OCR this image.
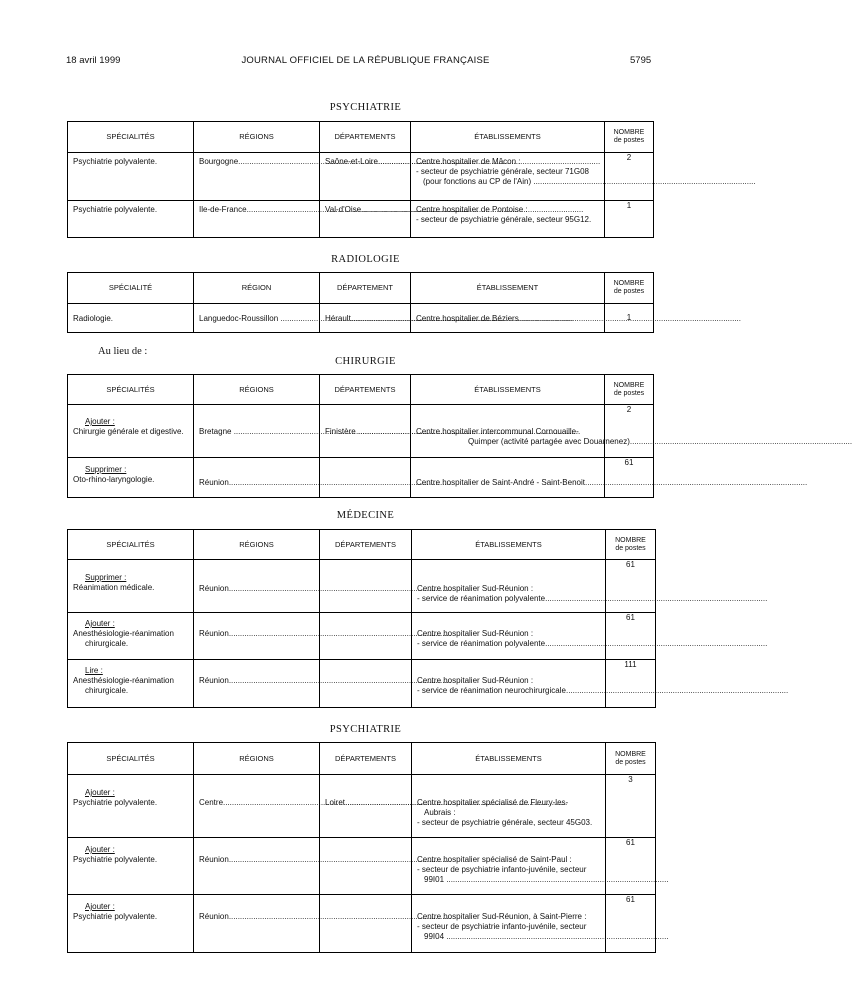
18 avril 1999	JOURNAL OFFICIEL DE LA RÉPUBLIQUE FRANÇAISE	5795
PSYCHIATRIE
SPÉCIALITÉS	RÉGIONS	DÉPARTEMENTS	ÉTABLISSEMENTS	NOMBRE
de postes

Psychiatrie polyvalente.	Bourgogne .....	Saône-et-Loire .....	Centre hospitalier de Mâcon :
- secteur de psychiatrie générale, secteur 71G08
(pour fonctions au CP de l'Ain) .....	2

Psychiatrie polyvalente.	Ile-de-France .....	Val-d'Oise .....	Centre hospitalier de Pontoise :
- secteur de psychiatrie générale, secteur 95G12.	1
RADIOLOGIE
SPÉCIALITÉ	RÉGION	DÉPARTEMENT	ÉTABLISSEMENT	NOMBRE
de postes

Radiologie.	Languedoc-Roussillon .....	Hérault .....	Centre hospitalier de Béziers .....	1
Au lieu de :
CHIRURGIE
SPÉCIALITÉS	RÉGIONS	DÉPARTEMENTS	ÉTABLISSEMENTS	NOMBRE
de postes

Ajouter :
Chirurgie générale et digestive.	Bretagne .....	Finistère .....	Centre hospitalier intercommunal Cornouaille-
Quimper (activité partagée avec Douarnenez) .....	2

Supprimer :
Oto-rhino-laryngologie.	Réunion .....		Centre hospitalier de Saint-André - Saint-Benoit .....	61
MÉDECINE
SPÉCIALITÉS	RÉGIONS	DÉPARTEMENTS	ÉTABLISSEMENTS	NOMBRE
de postes

Supprimer :
Réanimation médicale.	Réunion .....		Centre hospitalier Sud-Réunion :
- service de réanimation polyvalente .....	61

Ajouter :
Anesthésiologie-réanimation
chirurgicale.	Réunion .....		Centre hospitalier Sud-Réunion :
- service de réanimation polyvalente .....	61

Lire :
Anesthésiologie-réanimation
chirurgicale.	Réunion .....		Centre hospitalier Sud-Réunion :
- service de réanimation neurochirurgicale .....	111
PSYCHIATRIE
SPÉCIALITÉS	RÉGIONS	DÉPARTEMENTS	ÉTABLISSEMENTS	NOMBRE
de postes

Ajouter :
Psychiatrie polyvalente.	Centre .....	Loiret .....	Centre hospitalier spécialisé de Fleury-les-
Aubrais :
- secteur de psychiatrie générale, secteur 45G03.	3

Ajouter :
Psychiatrie polyvalente.	Réunion .....		Centre hospitalier spécialisé de Saint-Paul :
- secteur de psychiatrie infanto-juvénile, secteur
99I01 .....	61

Ajouter :
Psychiatrie polyvalente.	Réunion .....		Centre hospitalier Sud-Réunion, à Saint-Pierre :
- secteur de psychiatrie infanto-juvénile, secteur
99I04 .....	61
